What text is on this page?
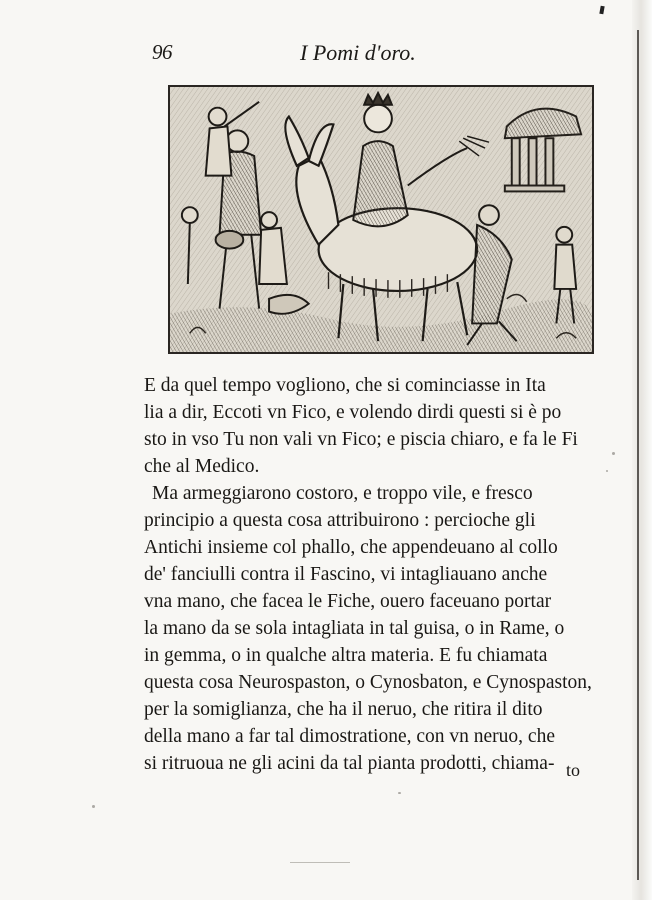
96	I Pomi d'oro.
E da quel tempo vogliono, che si cominciasse in Ita
lia a dir, Eccoti vn Fico, e volendo dirdi questi si è po
sto in vso Tu non vali vn Fico; e piscia chiaro, e fa le Fi
che al Medico.
Ma armeggiarono costoro, e troppo vile, e fresco
principio a questa cosa attribuirono : percioche gli
Antichi insieme col phallo, che appendeuano al collo
de' fanciulli contra il Fascino, vi intagliauano anche
vna mano, che facea le Fiche, ouero faceuano portar
la mano da se sola intagliata in tal guisa, o in Rame, o
in gemma, o in qualche altra materia. E fu chiamata
questa cosa Neurospaston, o Cynosbaton, e Cynospaston,
per la somiglianza, che ha il neruo, che ritira il dito
della mano a far tal dimostratione, con vn neruo, che
si ritruoua ne gli acini da tal pianta prodotti, chiama- to
